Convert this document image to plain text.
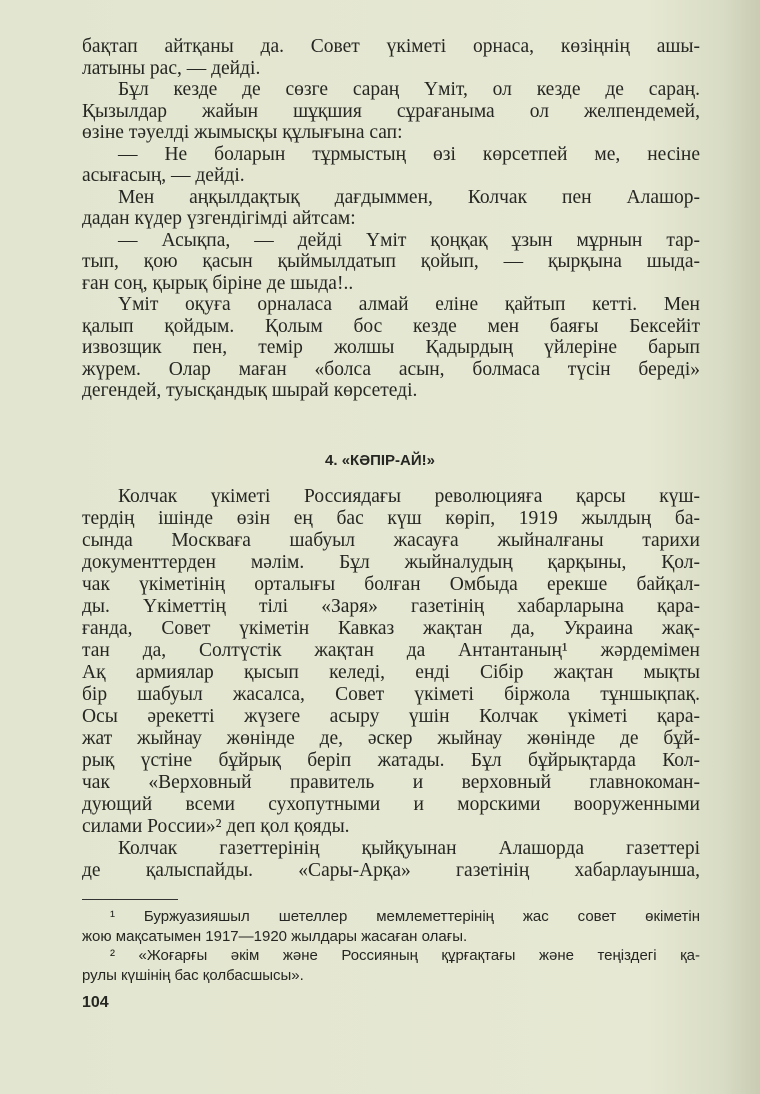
бақтап айтқаны да. Совет үкіметі орнаса, көзіңнің ашы-
латыны рас, — дейді.
Бұл кезде де сөзге сараң Үміт, ол кезде де сараң.
Қызылдар жайын шұқшия сұрағаныма ол желпендемей,
өзіне тәуелді жымысқы құлығына сап:
— Не боларын тұрмыстың өзі көрсетпей ме, несіне
асығасың, — дейді.
Мен аңқылдақтық дағдыммен, Колчак пен Алашор-
дадан күдер үзгендігімді айтсам:
— Асықпа, — дейді Үміт қоңқақ ұзын мұрнын тар-
тып, қою қасын қыймылдатып қойып, — қырқына шыда-
ған соң, қырық біріне де шыда!..
Үміт оқуға орналаса алмай еліне қайтып кетті. Мен
қалып қойдым. Қолым бос кезде мен баяғы Бексейіт
извозщик пен, темір жолшы Қадырдың үйлеріне барып
жүрем. Олар маған «болса асын, болмаса түсін береді»
дегендей, туысқандық шырай көрсетеді.
4. «КӘПІР-АЙ!»
Колчак үкіметі Россиядағы революцияға қарсы күш-
тердің ішінде өзін ең бас күш көріп, 1919 жылдың ба-
сында Москваға шабуыл жасауға жыйналғаны тарихи
документтерден мәлім. Бұл жыйналудың қарқыны, Қол-
чак үкіметінің орталығы болған Омбыда ерекше байқал-
ды. Үкіметтің тілі «Заря» газетінің хабарларына қара-
ғанда, Совет үкіметін Кавказ жақтан да, Украина жақ-
тан да, Солтүстік жақтан да Антантаның¹ жәрдемімен
Ақ армиялар қысып келеді, енді Сібір жақтан мықты
бір шабуыл жасалса, Совет үкіметі біржола тұншықпақ.
Осы әрекетті жүзеге асыру үшін Колчак үкіметі қара-
жат жыйнау жөнінде де, әскер жыйнау жөнінде де бұй-
рық үстіне бұйрық беріп жатады. Бұл бұйрықтарда Кол-
чак «Верховный правитель и верховный главнокоман-
дующий всеми сухопутными и морскими вооруженными
силами России»² деп қол қояды.
Колчак газеттерінің қыйқуынан Алашорда газеттері
де қалыспайды. «Сары-Арқа» газетінің хабарлауынша,
¹ Буржуазияшыл шетеллер мемлеметтерінің жас совет өкіметін
жою мақсатымен 1917—1920 жылдары жасаған олағы.
² «Жоғарғы әкім және Россияның құрғақтағы және теңіздегі қа-
рулы күшінің бас қолбасшысы».
104
